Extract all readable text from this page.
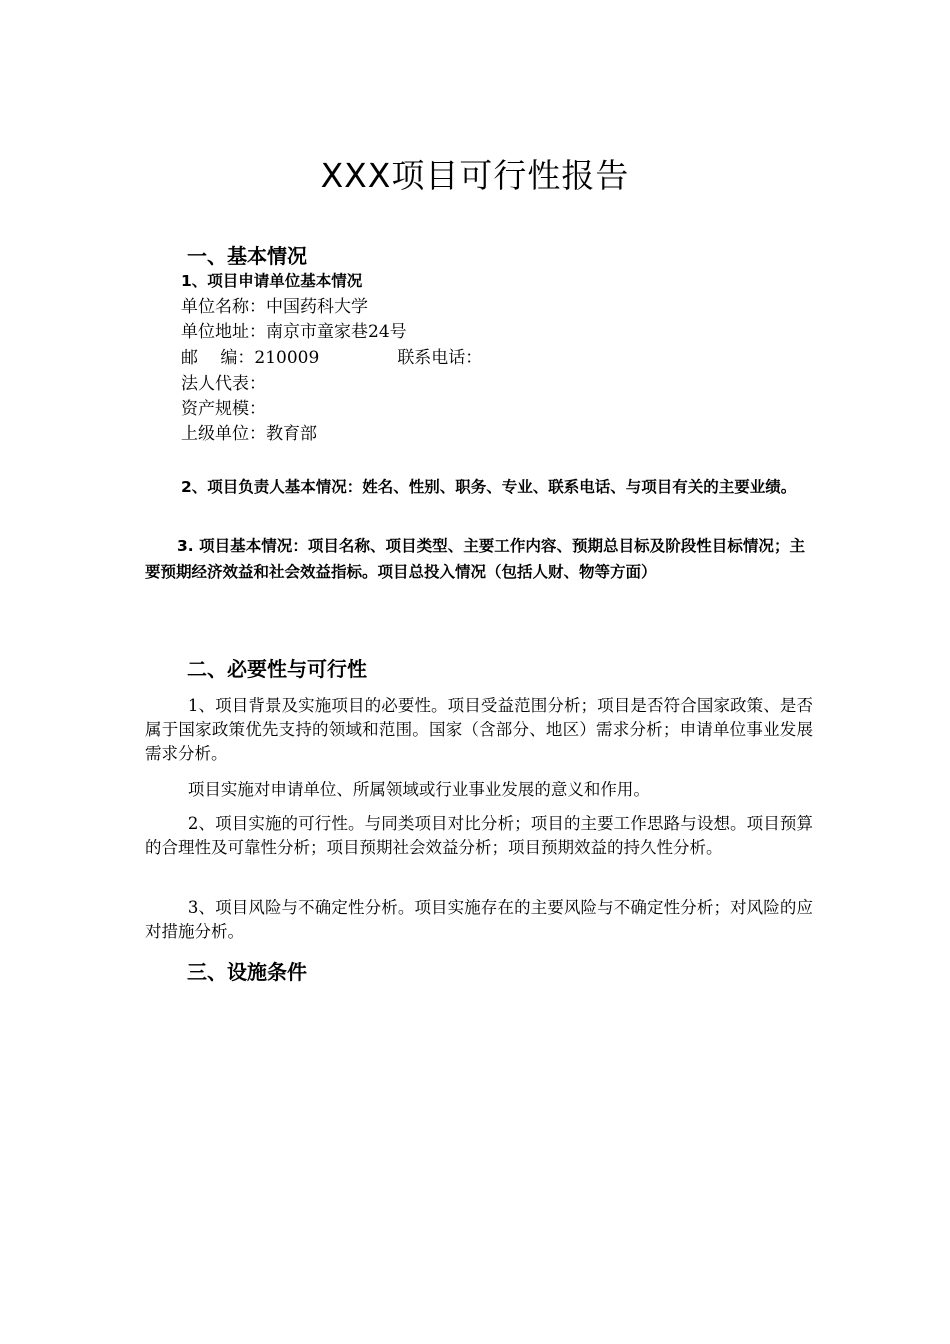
XXX项目可行性报告
一、基本情况
1、项目申请单位基本情况
单位名称：中国药科大学
单位地址：南京市童家巷24号
邮　 编：210009	联系电话：
法人代表：
资产规模：
上级单位：教育部
2、项目负责人基本情况：姓名、性别、职务、专业、联系电话、与项目有关的主要业绩。
3. 项目基本情况：项目名称、项目类型、主要工作内容、预期总目标及阶段性目标情况；主要预期经济效益和社会效益指标。项目总投入情况（包括人财、物等方面）
二、必要性与可行性
1、项目背景及实施项目的必要性。项目受益范围分析；项目是否符合国家政策、是否属于国家政策优先支持的领域和范围。国家（含部分、地区）需求分析；申请单位事业发展需求分析。
项目实施对申请单位、所属领域或行业事业发展的意义和作用。
2、项目实施的可行性。与同类项目对比分析；项目的主要工作思路与设想。项目预算的合理性及可靠性分析；项目预期社会效益分析；项目预期效益的持久性分析。
3、项目风险与不确定性分析。项目实施存在的主要风险与不确定性分析；对风险的应对措施分析。
三、设施条件
